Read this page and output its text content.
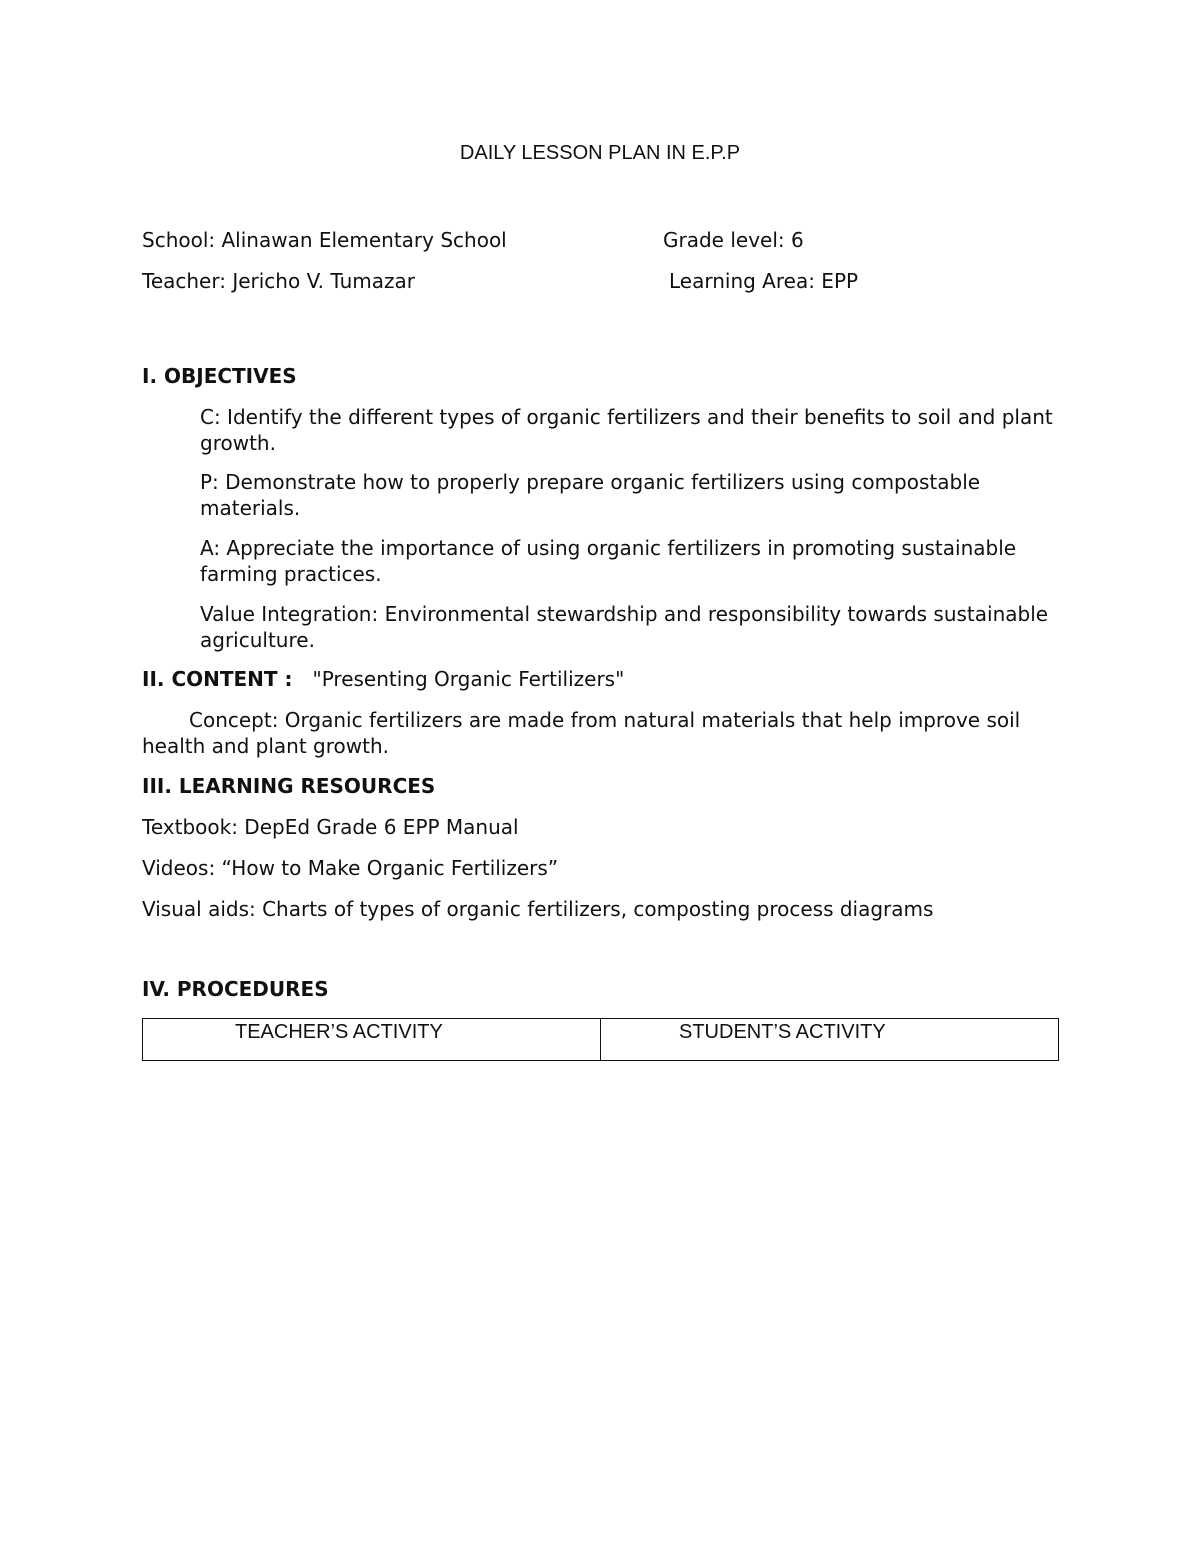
DAILY LESSON PLAN IN E.P.P
School: Alinawan Elementary School	Grade level: 6
Teacher: Jericho V. Tumazar	Learning Area: EPP
I. OBJECTIVES
C: Identify the different types of organic fertilizers and their benefits to soil and plant growth.
P: Demonstrate how to properly prepare organic fertilizers using compostable materials.
A: Appreciate the importance of using organic fertilizers in promoting sustainable farming practices.
Value Integration: Environmental stewardship and responsibility towards sustainable agriculture.
II. CONTENT : "Presenting Organic Fertilizers"
Concept: Organic fertilizers are made from natural materials that help improve soil health and plant growth.
III. LEARNING RESOURCES
Textbook: DepEd Grade 6 EPP Manual
Videos: “How to Make Organic Fertilizers”
Visual aids: Charts of types of organic fertilizers, composting process diagrams
IV. PROCEDURES
TEACHER’S ACTIVITY	STUDENT’S ACTIVITY
